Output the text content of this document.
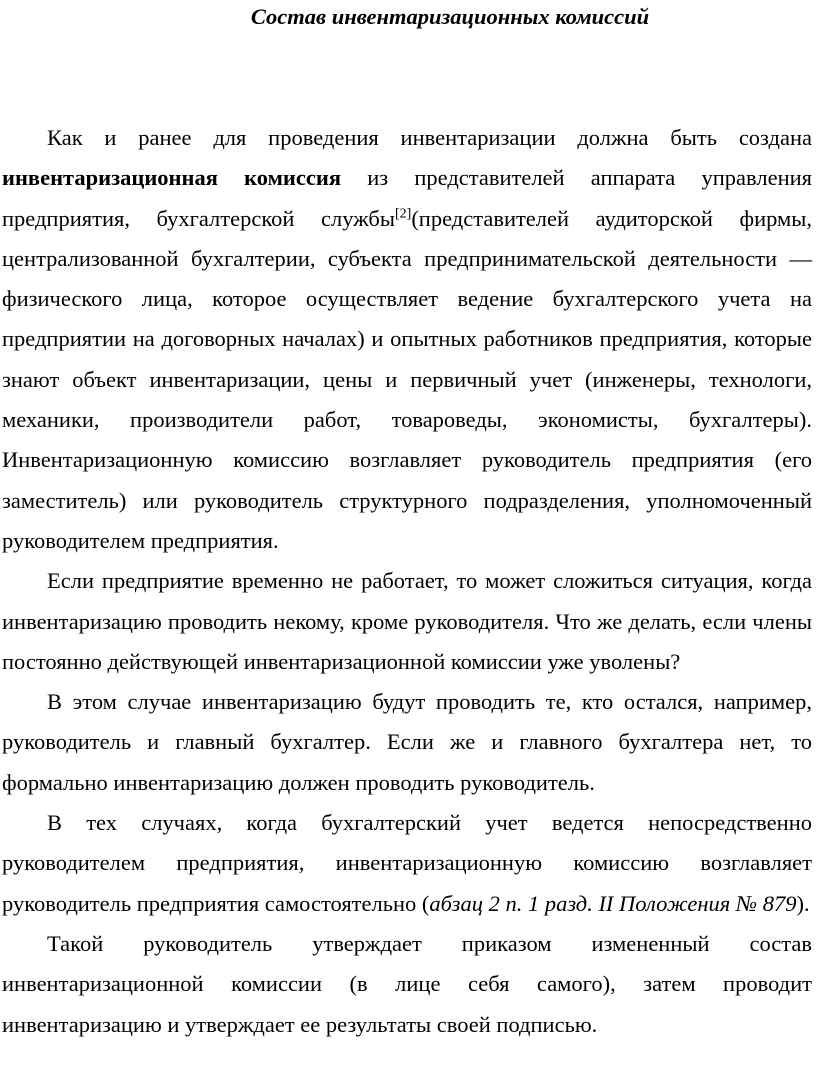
Состав инвентаризационных комиссий

Как и ранее для проведения инвентаризации должна быть создана инвентаризационная комиссия из представителей аппарата управления предприятия, бухгалтерской службы[2](представителей аудиторской фирмы, централизованной бухгалтерии, субъекта предпринимательской деятельности — физического лица, которое осуществляет ведение бухгалтерского учета на предприятии на договорных началах) и опытных работников предприятия, которые знают объект инвентаризации, цены и первичный учет (инженеры, технологи, механики, производители работ, товароведы, экономисты, бухгалтеры). Инвентаризационную комиссию возглавляет руководитель предприятия (его заместитель) или руководитель структурного подразделения, уполномоченный руководителем предприятия.

Если предприятие временно не работает, то может сложиться ситуация, когда инвентаризацию проводить некому, кроме руководителя. Что же делать, если члены постоянно действующей инвентаризационной комиссии уже уволены?

В этом случае инвентаризацию будут проводить те, кто остался, например, руководитель и главный бухгалтер. Если же и главного бухгалтера нет, то формально инвентаризацию должен проводить руководитель.

В тех случаях, когда бухгалтерский учет ведется непосредственно руководителем предприятия, инвентаризационную комиссию возглавляет руководитель предприятия самостоятельно (абзац 2 п. 1 разд. II Положения № 879).

Такой руководитель утверждает приказом измененный состав инвентаризационной комиссии (в лице себя самого), затем проводит инвентаризацию и утверждает ее результаты своей подписью.
